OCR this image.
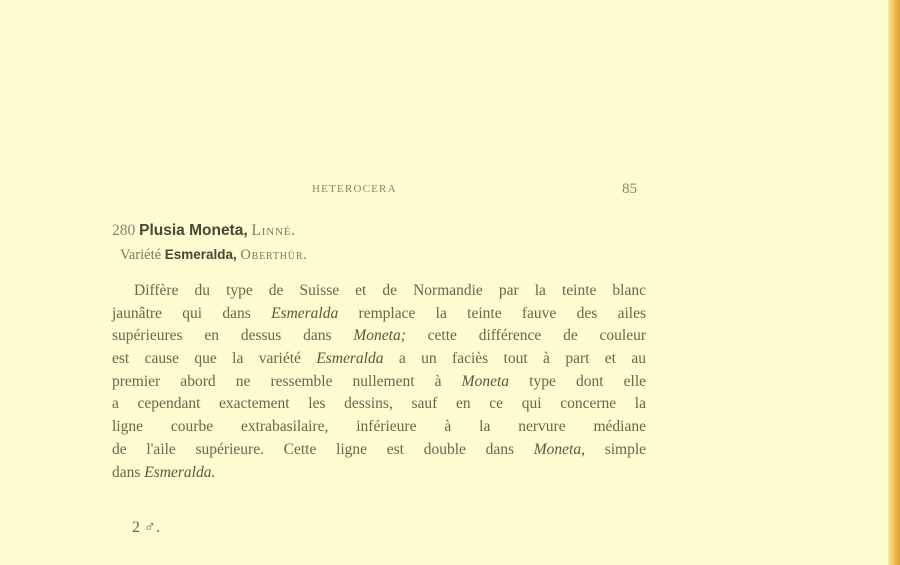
HETEROCERA	85
280 Plusia Moneta, Linné.
Variété Esmeralda, Oberthür.
Diffère du type de Suisse et de Normandie par la teinte blanc
jaunâtre qui dans Esmeralda remplace la teinte fauve des ailes
supérieures en dessus dans Moneta; cette différence de couleur
est cause que la variété Esmeralda a un faciès tout à part et au
premier abord ne ressemble nullement à Moneta type dont elle
a cependant exactement les dessins, sauf en ce qui concerne la
ligne courbe extrabasilaire, inférieure à la nervure médiane
de l'aile supérieure. Cette ligne est double dans Moneta, simple
dans Esmeralda.
2 ♂.
